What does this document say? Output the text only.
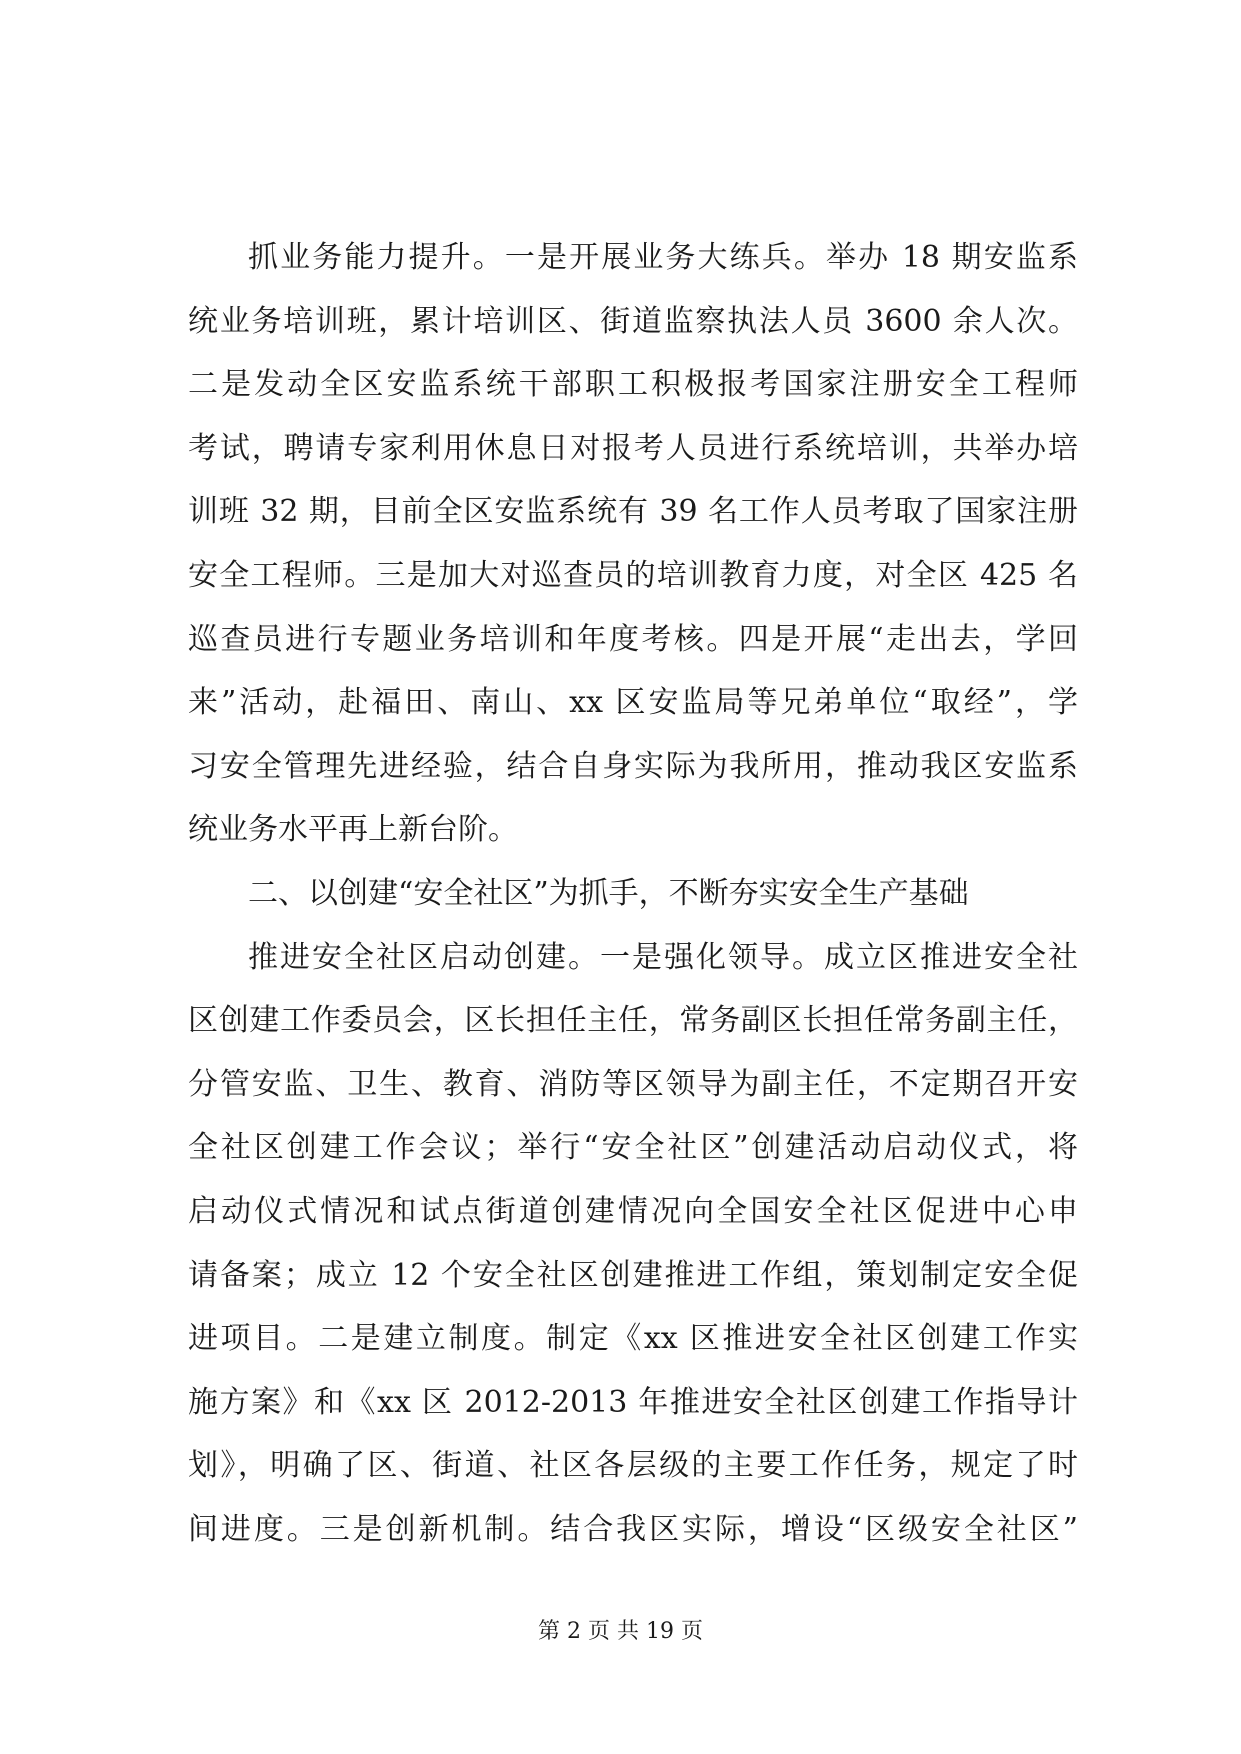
抓业务能力提升。一是开展业务大练兵。举办 18 期安监系
统业务培训班，累计培训区、街道监察执法人员 3600 余人次。
二是发动全区安监系统干部职工积极报考国家注册安全工程师
考试，聘请专家利用休息日对报考人员进行系统培训，共举办培
训班 32 期，目前全区安监系统有 39 名工作人员考取了国家注册
安全工程师。三是加大对巡查员的培训教育力度，对全区 425 名
巡查员进行专题业务培训和年度考核。四是开展“走出去，学回
来”活动，赴福田、南山、xx 区安监局等兄弟单位“取经”，学
习安全管理先进经验，结合自身实际为我所用，推动我区安监系
统业务水平再上新台阶。
二、以创建“安全社区”为抓手，不断夯实安全生产基础
推进安全社区启动创建。一是强化领导。成立区推进安全社
区创建工作委员会，区长担任主任，常务副区长担任常务副主任，
分管安监、卫生、教育、消防等区领导为副主任，不定期召开安
全社区创建工作会议；举行“安全社区”创建活动启动仪式，将
启动仪式情况和试点街道创建情况向全国安全社区促进中心申
请备案；成立 12 个安全社区创建推进工作组，策划制定安全促
进项目。二是建立制度。制定《xx 区推进安全社区创建工作实
施方案》和《xx 区 2012-2013 年推进安全社区创建工作指导计
划》，明确了区、街道、社区各层级的主要工作任务，规定了时
间进度。三是创新机制。结合我区实际，增设“区级安全社区”
第 2 页 共 19 页
